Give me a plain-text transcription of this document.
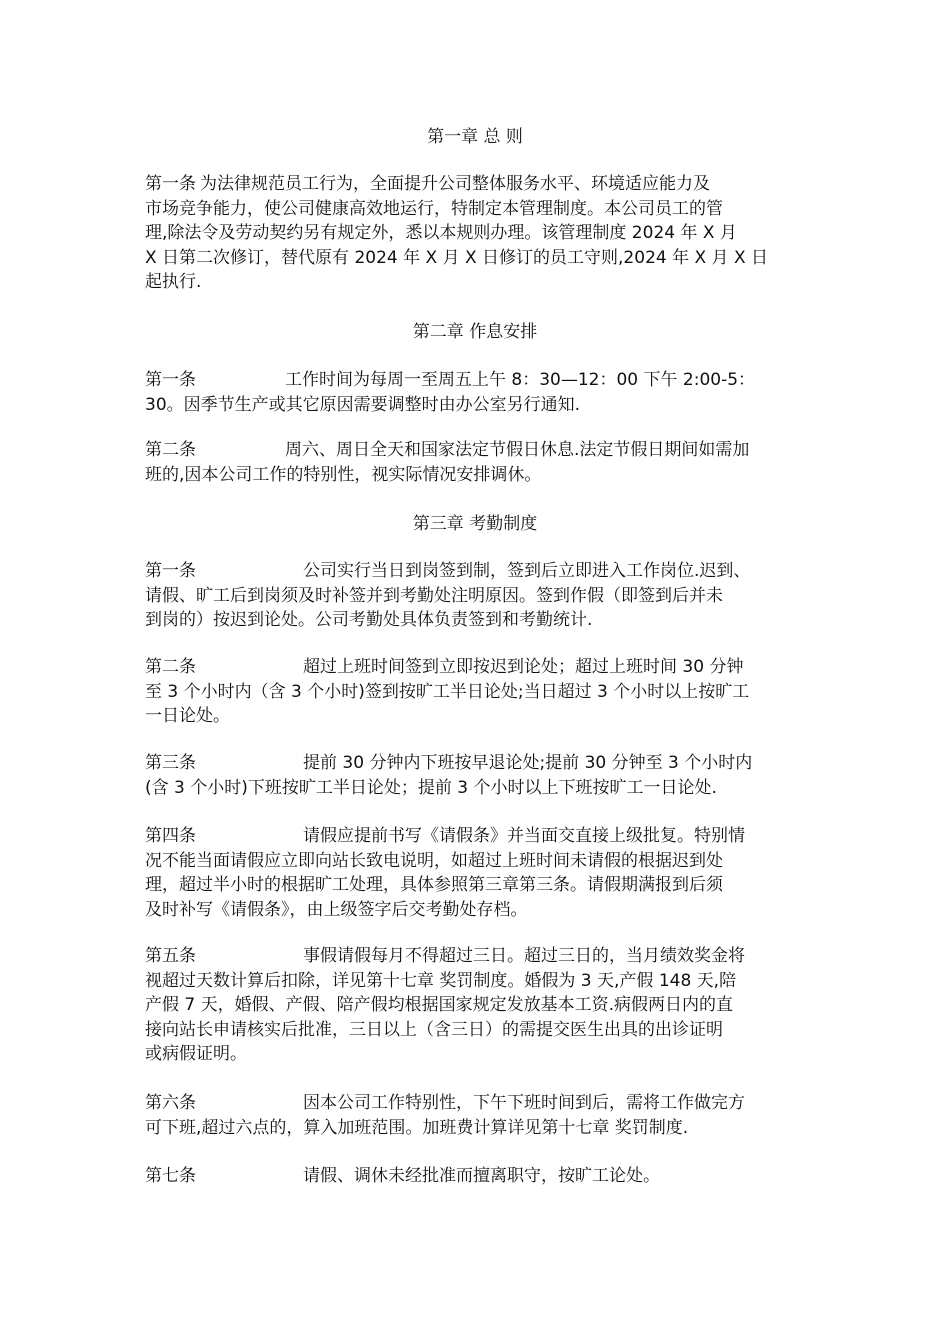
第一章 总 则
第一条 为法律规范员工行为，全面提升公司整体服务水平、环境适应能力及
市场竞争能力，使公司健康高效地运行，特制定本管理制度。本公司员工的管
理,除法令及劳动契约另有规定外，悉以本规则办理。该管理制度 2024 年 X 月
X 日第二次修订，替代原有 2024 年 X 月 X 日修订的员工守则,2024 年 X 月 X 日
起执行.
第二章 作息安排
第一条	工作时间为每周一至周五上午 8：30—12：00 下午 2:00-5：
30。因季节生产或其它原因需要调整时由办公室另行通知.
第二条	周六、周日全天和国家法定节假日休息.法定节假日期间如需加
班的,因本公司工作的特别性，视实际情况安排调休。
第三章 考勤制度
第一条	公司实行当日到岗签到制，签到后立即进入工作岗位.迟到、
请假、旷工后到岗须及时补签并到考勤处注明原因。签到作假（即签到后并未
到岗的）按迟到论处。公司考勤处具体负责签到和考勤统计.
第二条	超过上班时间签到立即按迟到论处；超过上班时间 30 分钟
至 3 个小时内（含 3 个小时)签到按旷工半日论处;当日超过 3 个小时以上按旷工
一日论处。
第三条	提前 30 分钟内下班按早退论处;提前 30 分钟至 3 个小时内
(含 3 个小时)下班按旷工半日论处；提前 3 个小时以上下班按旷工一日论处.
第四条	请假应提前书写《请假条》并当面交直接上级批复。特别情
况不能当面请假应立即向站长致电说明，如超过上班时间未请假的根据迟到处
理，超过半小时的根据旷工处理，具体参照第三章第三条。请假期满报到后须
及时补写《请假条》，由上级签字后交考勤处存档。
第五条	事假请假每月不得超过三日。超过三日的，当月绩效奖金将
视超过天数计算后扣除，详见第十七章 奖罚制度。婚假为 3 天,产假 148 天,陪
产假 7 天，婚假、产假、陪产假均根据国家规定发放基本工资.病假两日内的直
接向站长申请核实后批准，三日以上（含三日）的需提交医生出具的出诊证明
或病假证明。
第六条	因本公司工作特别性，下午下班时间到后，需将工作做完方
可下班,超过六点的，算入加班范围。加班费计算详见第十七章 奖罚制度.
第七条	请假、调休未经批准而擅离职守，按旷工论处。
